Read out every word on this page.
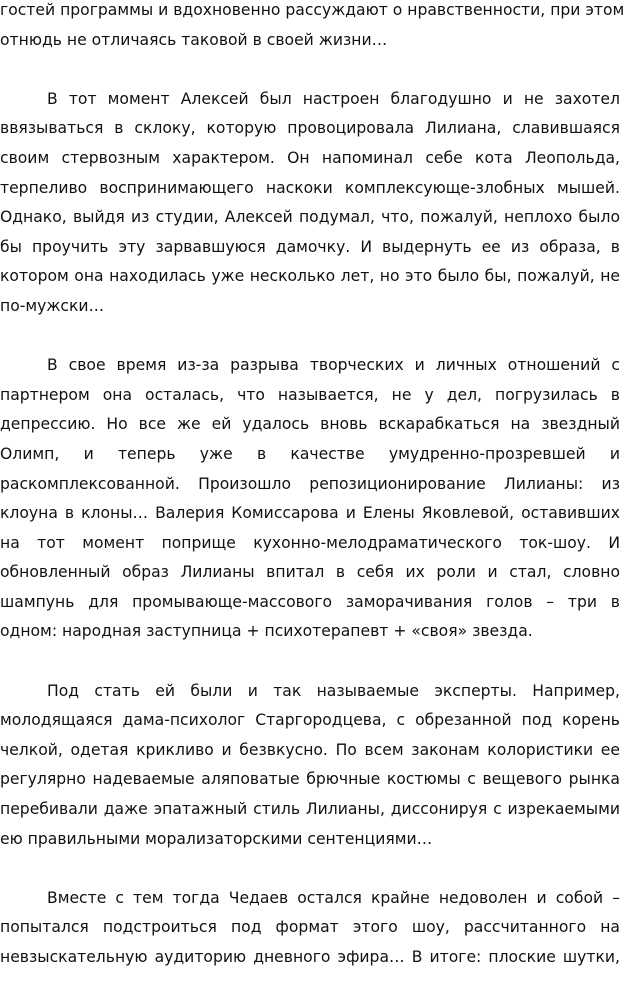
гостей программы и вдохновенно рассуждают о нравственности, при этом
отнюдь не отличаясь таковой в своей жизни…
В тот момент Алексей был настроен благодушно и не захотел
ввязываться в склоку, которую провоцировала Лилиана, славившаяся
своим стервозным характером. Он напоминал себе кота Леопольда,
терпеливо воспринимающего наскоки комплексующе-злобных мышей.
Однако, выйдя из студии, Алексей подумал, что, пожалуй, неплохо было
бы проучить эту зарвавшуюся дамочку. И выдернуть ее из образа, в
котором она находилась уже несколько лет, но это было бы, пожалуй, не
по-мужски…
В свое время из-за разрыва творческих и личных отношений с
партнером она осталась, что называется, не у дел, погрузилась в
депрессию. Но все же ей удалось вновь вскарабкаться на звездный
Олимп, и теперь уже в качестве умудренно-прозревшей и
раскомплексованной. Произошло репозиционирование Лилианы: из
клоуна в клоны… Валерия Комиссарова и Елены Яковлевой, оставивших
на тот момент поприще кухонно-мелодраматического ток-шоу. И
обновленный образ Лилианы впитал в себя их роли и стал, словно
шампунь для промывающе-массового заморачивания голов – три в
одном: народная заступница + психотерапевт + «своя» звезда.
Под стать ей были и так называемые эксперты. Например,
молодящаяся дама-психолог Старгородцева, с обрезанной под корень
челкой, одетая крикливо и безвкусно. По всем законам колористики ее
регулярно надеваемые аляповатые брючные костюмы с вещевого рынка
перебивали даже эпатажный стиль Лилианы, диссонируя с изрекаемыми
ею правильными морализаторскими сентенциями…
Вместе с тем тогда Чедаев остался крайне недоволен и собой –
попытался подстроиться под формат этого шоу, рассчитанного на
невзыскательную аудиторию дневного эфира… В итоге: плоские шутки,
